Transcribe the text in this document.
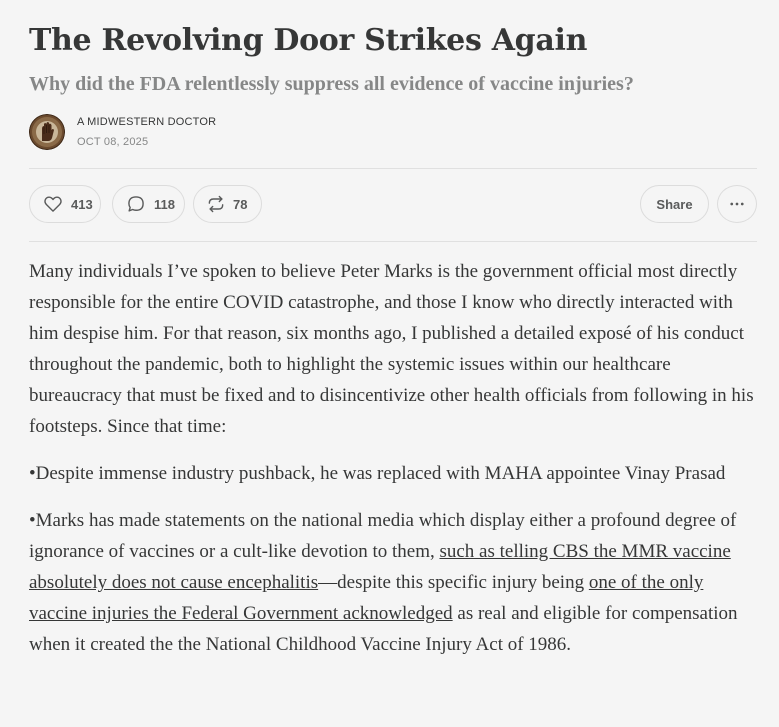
The Revolving Door Strikes Again
Why did the FDA relentlessly suppress all evidence of vaccine injuries?
A MIDWESTERN DOCTOR
OCT 08, 2025
413	118	78	Share

Many individuals I’ve spoken to believe Peter Marks is the government official most directly responsible for the entire COVID catastrophe, and those I know who directly interacted with him despise him. For that reason, six months ago, I published a detailed exposé of his conduct throughout the pandemic, both to highlight the systemic issues within our healthcare bureaucracy that must be fixed and to disincentivize other health officials from following in his footsteps. Since that time:

•Despite immense industry pushback, he was replaced with MAHA appointee Vinay Prasad

•Marks has made statements on the national media which display either a profound degree of ignorance of vaccines or a cult-like devotion to them, such as telling CBS the MMR vaccine absolutely does not cause encephalitis—despite this specific injury being one of the only vaccine injuries the Federal Government acknowledged as real and eligible for compensation when it created the the National Childhood Vaccine Injury Act of 1986.
